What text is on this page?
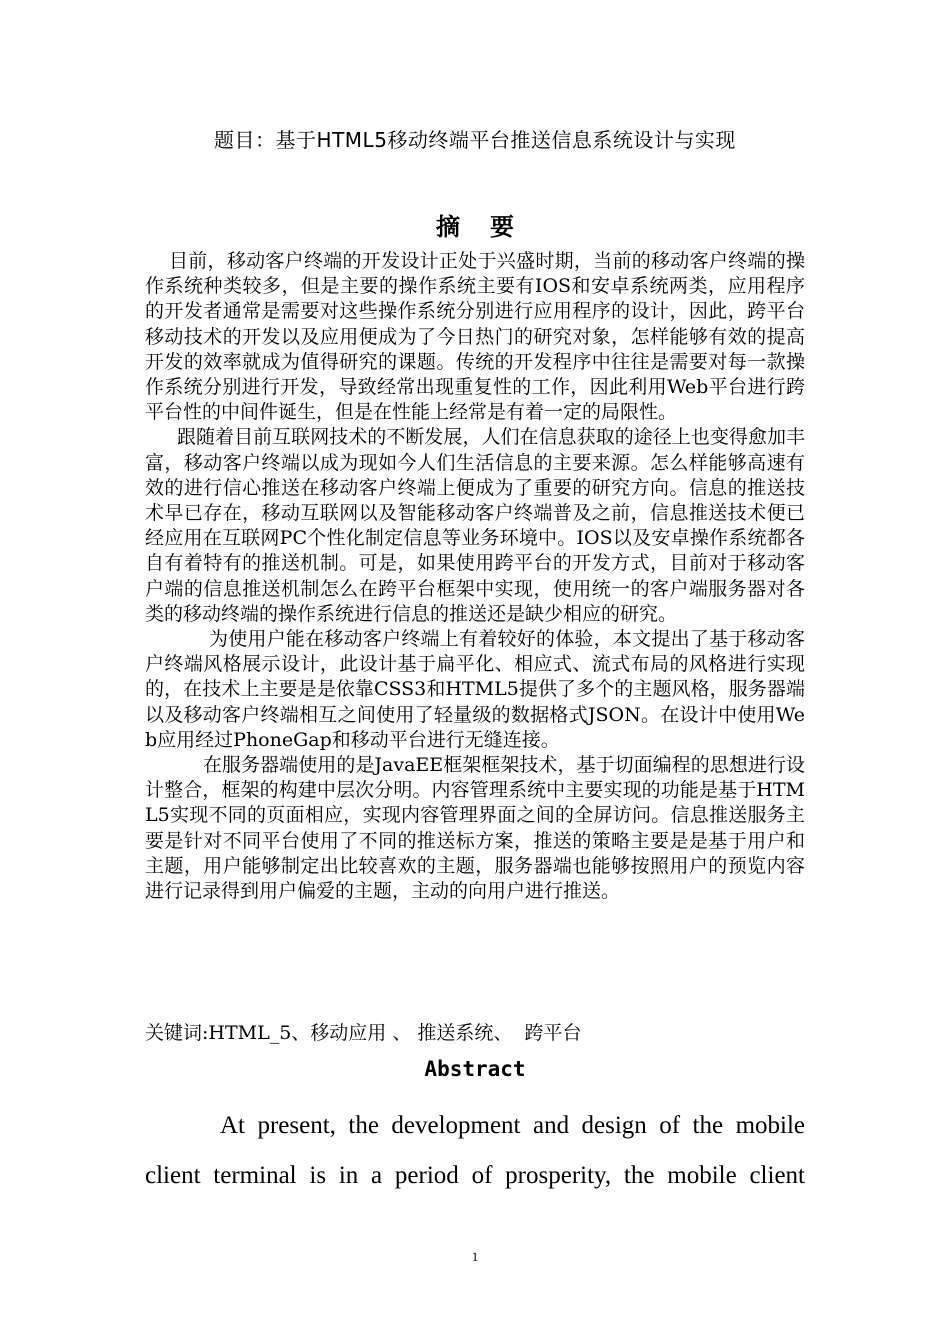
题目：基于HTML5移动终端平台推送信息系统设计与实现
摘要

目前，移动客户终端的开发设计正处于兴盛时期，当前的移动客户终端的操作系统种类较多，但是主要的操作系统主要有IOS和安卓系统两类，应用程序的开发者通常是需要对这些操作系统分别进行应用程序的设计，因此，跨平台移动技术的开发以及应用便成为了今日热门的研究对象，怎样能够有效的提高开发的效率就成为值得研究的课题。传统的开发程序中往往是需要对每一款操作系统分别进行开发，导致经常出现重复性的工作，因此利用Web平台进行跨平台性的中间件诞生，但是在性能上经常是有着一定的局限性。

跟随着目前互联网技术的不断发展，人们在信息获取的途径上也变得愈加丰富，移动客户终端以成为现如今人们生活信息的主要来源。怎么样能够高速有效的进行信心推送在移动客户终端上便成为了重要的研究方向。信息的推送技术早已存在，移动互联网以及智能移动客户终端普及之前，信息推送技术便已经应用在互联网PC个性化制定信息等业务环境中。IOS以及安卓操作系统都各自有着特有的推送机制。可是，如果使用跨平台的开发方式，目前对于移动客户端的信息推送机制怎么在跨平台框架中实现，使用统一的客户端服务器对各类的移动终端的操作系统进行信息的推送还是缺少相应的研究。

为使用户能在移动客户终端上有着较好的体验，本文提出了基于移动客户终端风格展示设计，此设计基于扁平化、相应式、流式布局的风格进行实现的，在技术上主要是是依靠CSS3和HTML5提供了多个的主题风格，服务器端以及移动客户终端相互之间使用了轻量级的数据格式JSON。在设计中使用Web应用经过PhoneGap和移动平台进行无缝连接。

在服务器端使用的是JavaEE框架框架技术，基于切面编程的思想进行设计整合，框架的构建中层次分明。内容管理系统中主要实现的功能是基于HTML5实现不同的页面相应，实现内容管理界面之间的全屏访问。信息推送服务主要是针对不同平台使用了不同的推送标方案，推送的策略主要是是基于用户和主题，用户能够制定出比较喜欢的主题，服务器端也能够按照用户的预览内容进行记录得到用户偏爱的主题，主动的向用户进行推送。

关键词:HTML_5、移动应用 、 推送系统、  跨平台
Abstract

At present, the development and design of the mobile client terminal is in a period of prosperity, the mobile client

1
